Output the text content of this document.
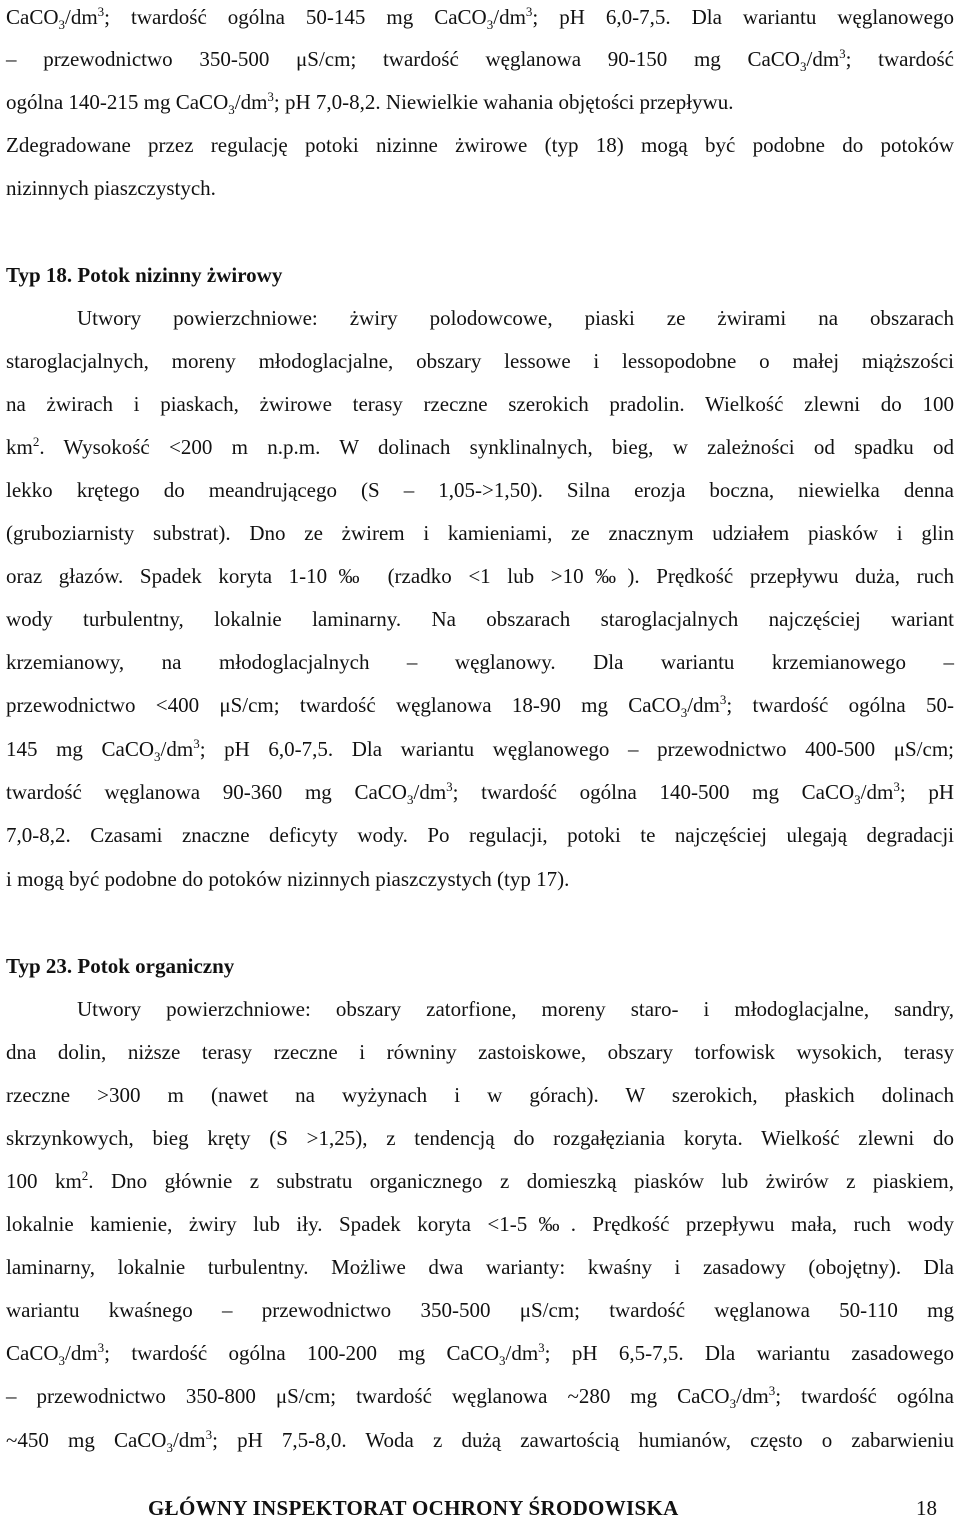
$CaCO_3/dm^3$; twardość ogólna 50-145 mg $CaCO_3/dm^3$; pH 6,0-7,5. Dla wariantu węglanowego
– przewodnictwo 350-500 μS/cm; twardość węglanowa 90-150 mg $CaCO_3/dm^3$; twardość
ogólna 140-215 mg $CaCO_3/dm^3$; pH 7,0-8,2. Niewielkie wahania objętości przepływu.
Zdegradowane przez regulację potoki nizinne żwirowe (typ 18) mogą być podobne do potoków
nizinnych piaszczystych.
Typ 18. Potok nizinny żwirowy
Utwory powierzchniowe: żwiry polodowcowe, piaski ze żwirami na obszarach
staroglacjalnych, moreny młodoglacjalne, obszary lessowe i lessopodobne o małej miąższości
na żwirach i piaskach, żwirowe terasy rzeczne szerokich pradolin. Wielkość zlewni do 100
$km^2$. Wysokość <200 m n.p.m. W dolinach synklinalnych, bieg, w zależności od spadku od
lekko krętego do meandrującego (S – 1,05->1,50). Silna erozja boczna, niewielka denna
(gruboziarnisty substrat). Dno ze żwirem i kamieniami, ze znacznym udziałem piasków i glin
oraz głazów. Spadek koryta 1-10‰ (rzadko <1 lub >10‰). Prędkość przepływu duża, ruch
wody turbulentny, lokalnie laminarny. Na obszarach staroglacjalnych najczęściej wariant
krzemianowy, na młodoglacjalnych – węglanowy. Dla wariantu krzemianowego –
przewodnictwo <400 μS/cm; twardość węglanowa 18-90 mg $CaCO_3/dm^3$; twardość ogólna 50-
145 mg $CaCO_3/dm^3$; pH 6,0-7,5. Dla wariantu węglanowego – przewodnictwo 400-500 μS/cm;
twardość węglanowa 90-360 mg $CaCO_3/dm^3$; twardość ogólna 140-500 mg $CaCO_3/dm^3$; pH
7,0-8,2. Czasami znaczne deficyty wody. Po regulacji, potoki te najczęściej ulegają degradacji
i mogą być podobne do potoków nizinnych piaszczystych (typ 17).
Typ 23. Potok organiczny
Utwory powierzchniowe: obszary zatorfione, moreny staro- i młodoglacjalne, sandry,
dna dolin, niższe terasy rzeczne i równiny zastoiskowe, obszary torfowisk wysokich, terasy
rzeczne >300 m (nawet na wyżynach i w górach). W szerokich, płaskich dolinach
skrzynkowych, bieg kręty (S >1,25), z tendencją do rozgałęziania koryta. Wielkość zlewni do
100 $km^2$. Dno głównie z substratu organicznego z domieszką piasków lub żwirów z piaskiem,
lokalnie kamienie, żwiry lub iły. Spadek koryta <1-5‰. Prędkość przepływu mała, ruch wody
laminarny, lokalnie turbulentny. Możliwe dwa warianty: kwaśny i zasadowy (obojętny). Dla
wariantu kwaśnego – przewodnictwo 350-500 μS/cm; twardość węglanowa 50-110 mg
$CaCO_3/dm^3$; twardość ogólna 100-200 mg $CaCO_3/dm^3$; pH 6,5-7,5. Dla wariantu zasadowego
– przewodnictwo 350-800 μS/cm; twardość węglanowa ~280 mg $CaCO_3/dm^3$; twardość ogólna
~450 mg $CaCO_3/dm^3$; pH 7,5-8,0. Woda z dużą zawartością humianów, często o zabarwieniu
GŁÓWNY INSPEKTORAT OCHRONY ŚRODOWISKA	18
